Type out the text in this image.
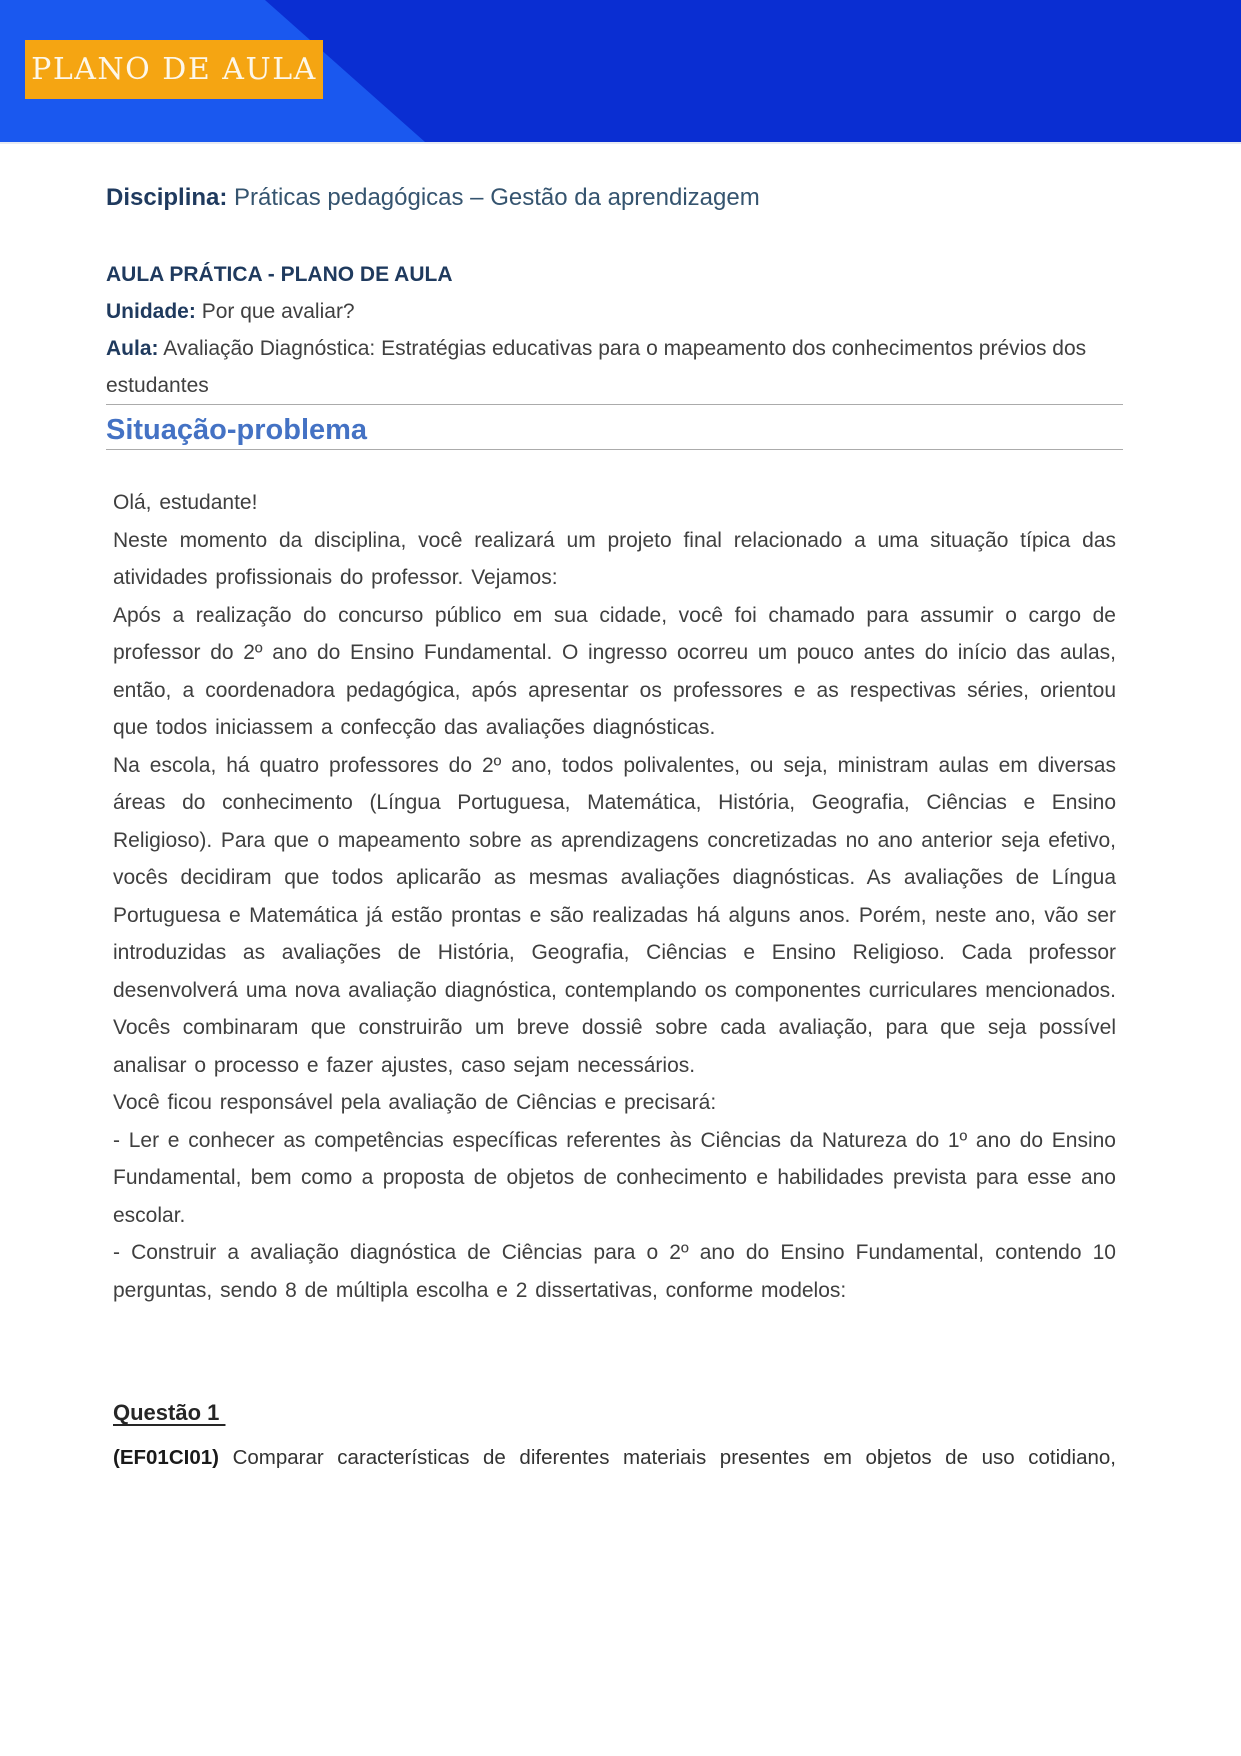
PLANO DE AULA
Disciplina: Práticas pedagógicas – Gestão da aprendizagem

AULA PRÁTICA - PLANO DE AULA

Unidade: Por que avaliar?

Aula: Avaliação Diagnóstica: Estratégias educativas para o mapeamento dos conhecimentos prévios dos estudantes

Situação-problema

Olá, estudante!

Neste momento da disciplina, você realizará um projeto final relacionado a uma situação típica das atividades profissionais do professor. Vejamos:

Após a realização do concurso público em sua cidade, você foi chamado para assumir o cargo de professor do 2º ano do Ensino Fundamental. O ingresso ocorreu um pouco antes do início das aulas, então, a coordenadora pedagógica, após apresentar os professores e as respectivas séries, orientou que todos iniciassem a confecção das avaliações diagnósticas.

Na escola, há quatro professores do 2º ano, todos polivalentes, ou seja, ministram aulas em diversas áreas do conhecimento (Língua Portuguesa, Matemática, História, Geografia, Ciências e Ensino Religioso). Para que o mapeamento sobre as aprendizagens concretizadas no ano anterior seja efetivo, vocês decidiram que todos aplicarão as mesmas avaliações diagnósticas. As avaliações de Língua Portuguesa e Matemática já estão prontas e são realizadas há alguns anos. Porém, neste ano, vão ser introduzidas as avaliações de História, Geografia, Ciências e Ensino Religioso. Cada professor desenvolverá uma nova avaliação diagnóstica, contemplando os componentes curriculares mencionados. Vocês combinaram que construirão um breve dossiê sobre cada avaliação, para que seja possível analisar o processo e fazer ajustes, caso sejam necessários.

Você ficou responsável pela avaliação de Ciências e precisará:

- Ler e conhecer as competências específicas referentes às Ciências da Natureza do 1º ano do Ensino Fundamental, bem como a proposta de objetos de conhecimento e habilidades prevista para esse ano escolar.

- Construir a avaliação diagnóstica de Ciências para o 2º ano do Ensino Fundamental, contendo 10 perguntas, sendo 8 de múltipla escolha e 2 dissertativas, conforme modelos:

Questão 1

(EF01CI01) Comparar características de diferentes materiais presentes em objetos de uso cotidiano,
